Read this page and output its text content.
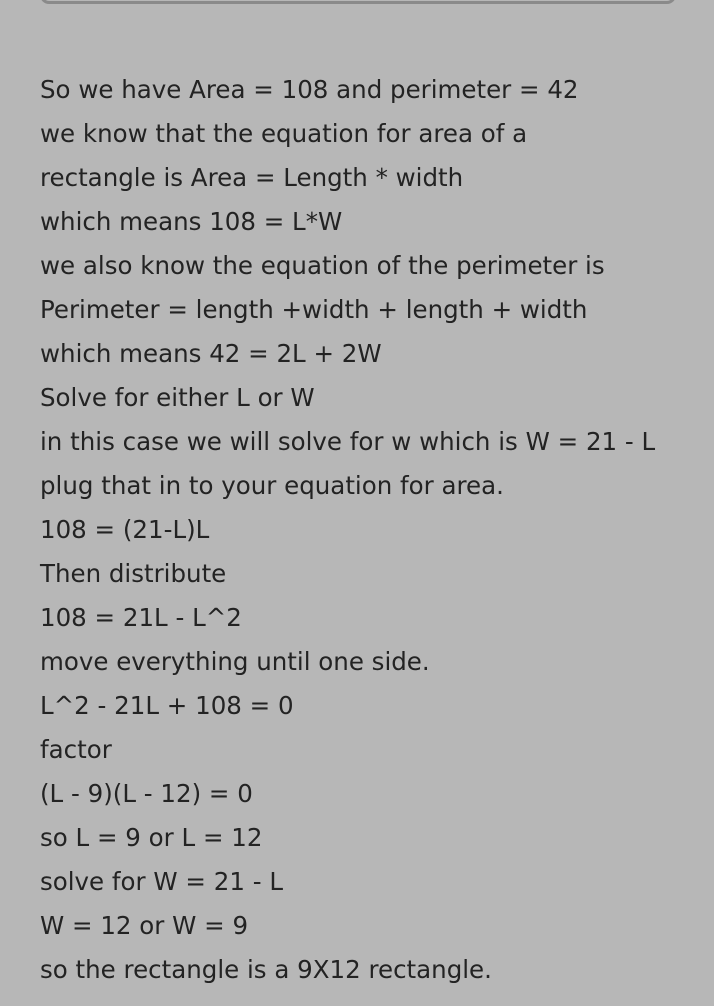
So we have Area = 108 and perimeter = 42
we know that the equation for area of a
rectangle is Area = Length * width
which means 108 = L*W
we also know the equation of the perimeter is
Perimeter = length +width + length + width
which means 42 = 2L + 2W
Solve for either L or W
in this case we will solve for w which is W = 21 - L
plug that in to your equation for area.
108 = (21-L)L
Then distribute
108 = 21L - L^2
move everything until one side.
L^2 - 21L + 108 = 0
factor
(L - 9)(L - 12) = 0
so L = 9 or L = 12
solve for W = 21 - L
W = 12 or W = 9
so the rectangle is a 9X12 rectangle.
